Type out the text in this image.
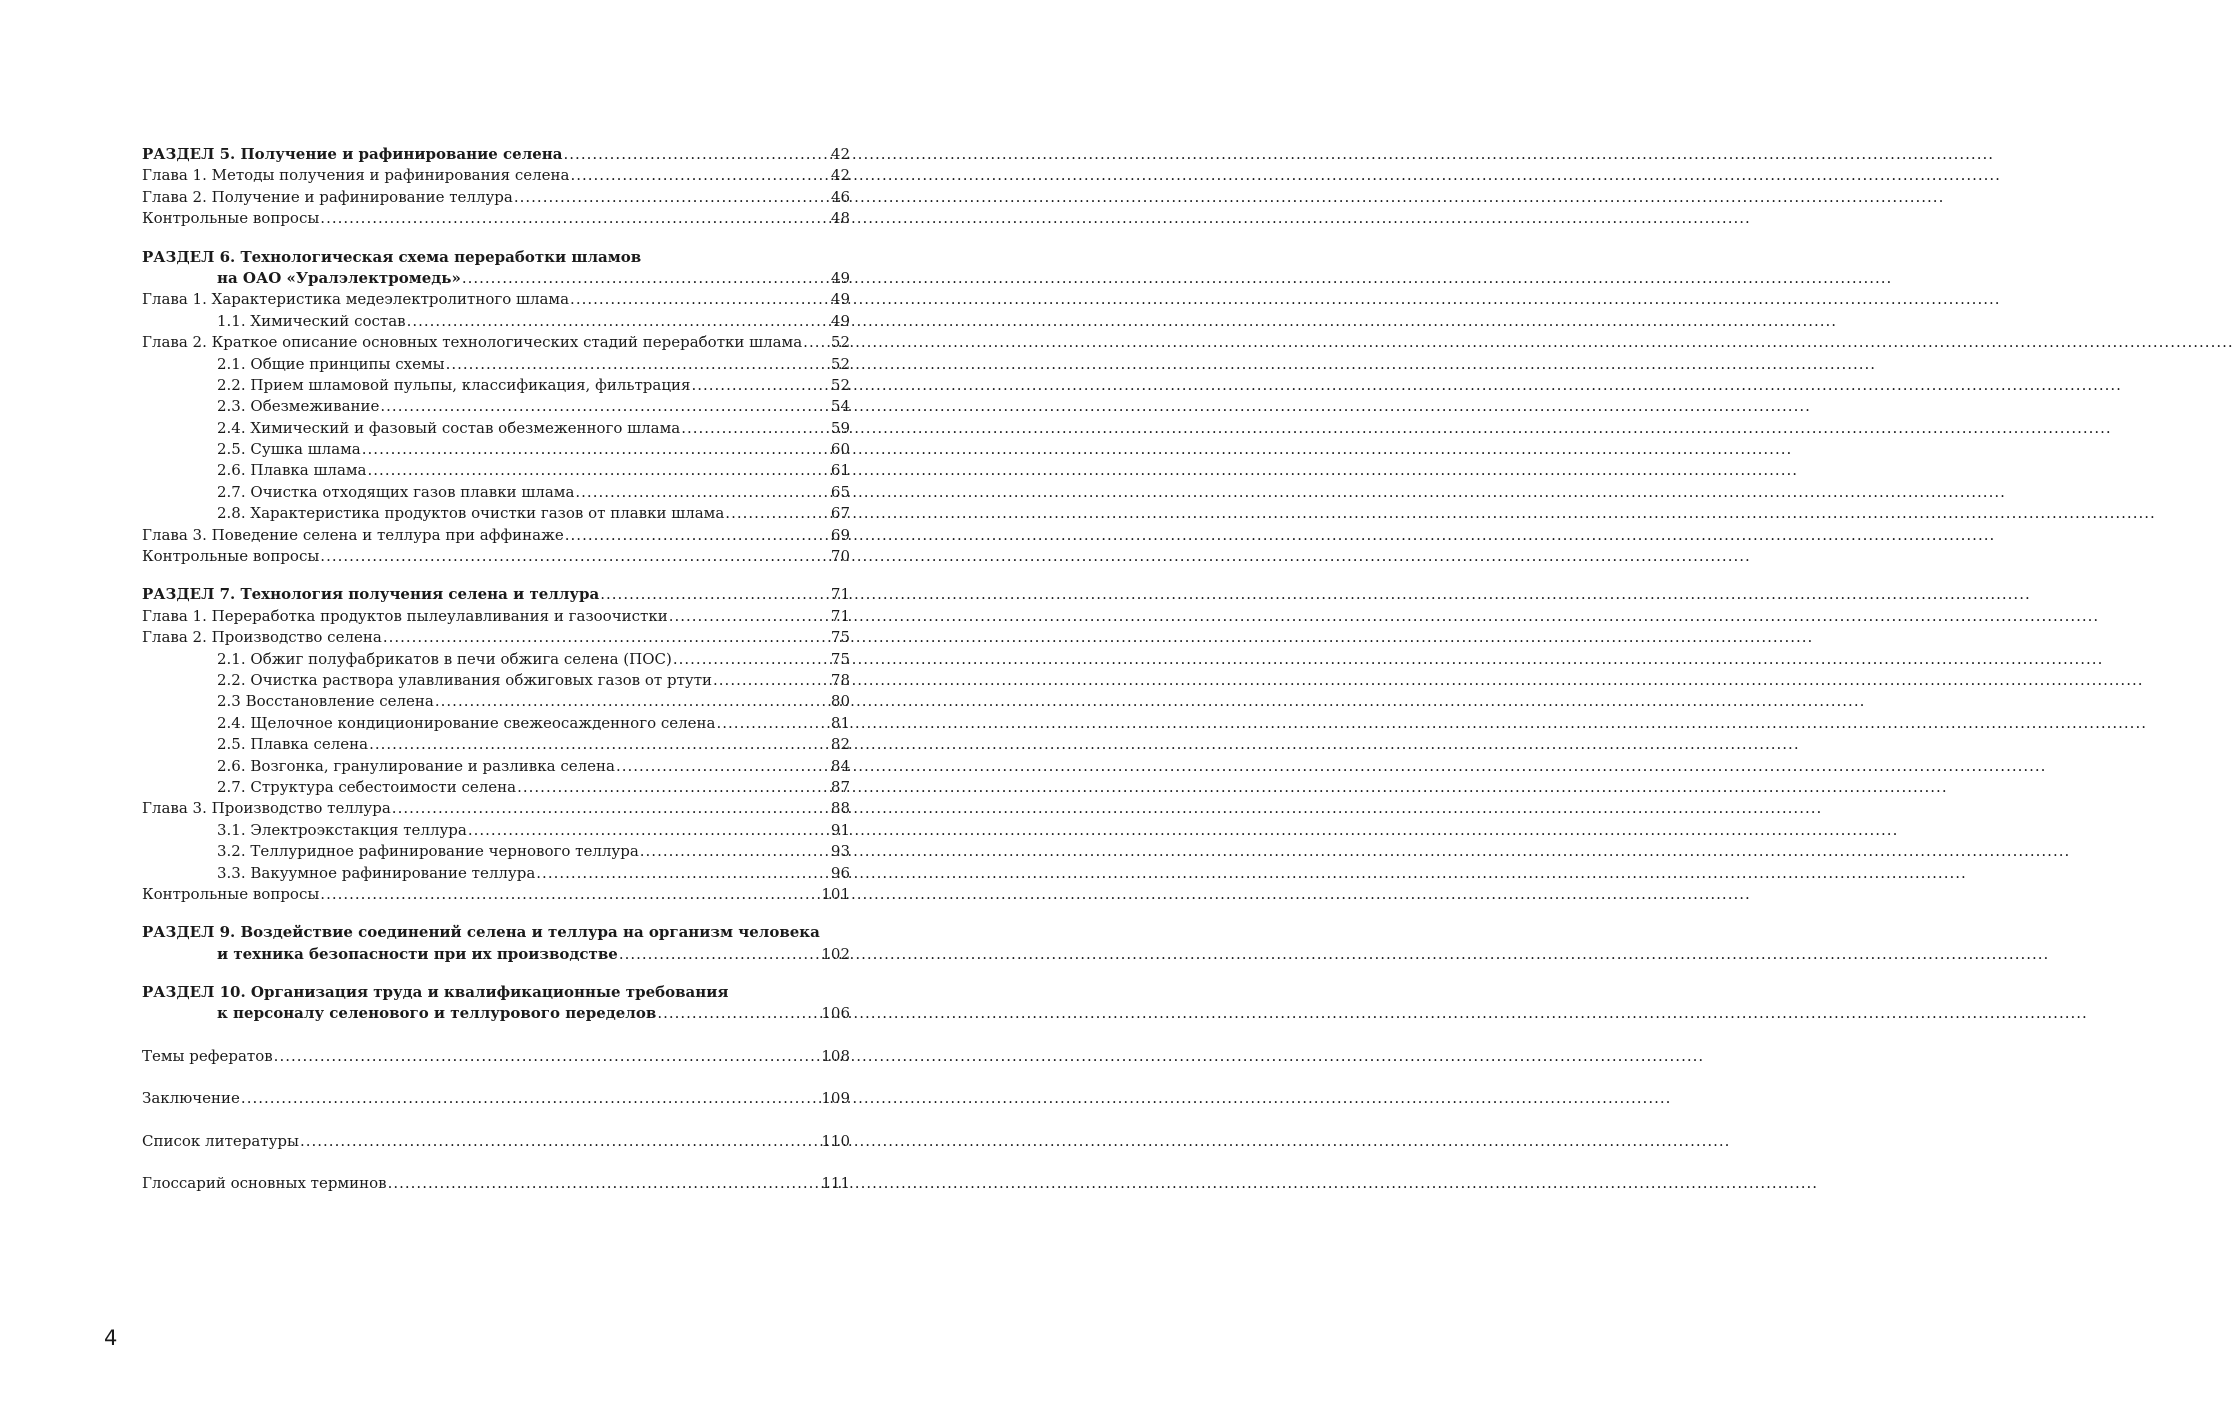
РАЗДЕЛ 5. Получение и рафинирование селена .....	42
Глава 1. Методы получения и рафинирования селена .....	42
Глава 2. Получение и рафинирование теллура .....	46
Контрольные вопросы .....	48
РАЗДЕЛ 6. Технологическая схема переработки шламов
на ОАО «Уралэлектромедь» .....	49
Глава 1. Характеристика медеэлектролитного шлама .....	49
1.1. Химический состав .....	49
Глава 2. Краткое описание основных технологических стадий переработки шлама ..... 52
2.1. Общие принципы схемы .....	52
2.2. Прием шламовой пульпы, классификация, фильтрация .....	52
2.3. Обезмеживание .....	54
2.4. Химический и фазовый состав обезмеженного шлама .....	59
2.5. Сушка шлама .....	60
2.6. Плавка шлама .....	61
2.7. Очистка отходящих газов плавки шлама .....	65
2.8. Характеристика продуктов очистки газов от плавки шлама .....	67
Глава 3. Поведение селена и теллура при аффинаже .....	69
Контрольные вопросы .....	70
РАЗДЕЛ 7. Технология получения селена и теллура .....	71
Глава 1. Переработка продуктов пылеулавливания и газоочистки .....	71
Глава 2. Производство селена .....	75
2.1. Обжиг полуфабрикатов в печи обжига селена (ПОС) .....	75
2.2. Очистка раствора улавливания обжиговых газов от ртути .....	78
2.3 Восстановление селена .....	80
2.4. Щелочное кондиционирование свежеосажденного селена .....	81
2.5. Плавка селена .....	82
2.6. Возгонка, гранулирование и разливка селена .....	84
2.7. Структура себестоимости селена .....	87
Глава 3. Производство теллура .....	88
3.1. Электроэкстакция теллура .....	91
3.2. Теллуридное рафинирование чернового теллура .....	93
3.3. Вакуумное рафинирование теллура .....	96
Контрольные вопросы .....	101
РАЗДЕЛ 9. Воздействие соединений селена и теллура на организм человека
и техника безопасности при их производстве .....	102
РАЗДЕЛ 10. Организация труда и квалификационные требования
к персоналу селенового и теллурового переделов .....	106
Темы рефератов .....	108
Заключение .....	109
Список литературы .....	110
Глоссарий основных терминов .....	111
4
